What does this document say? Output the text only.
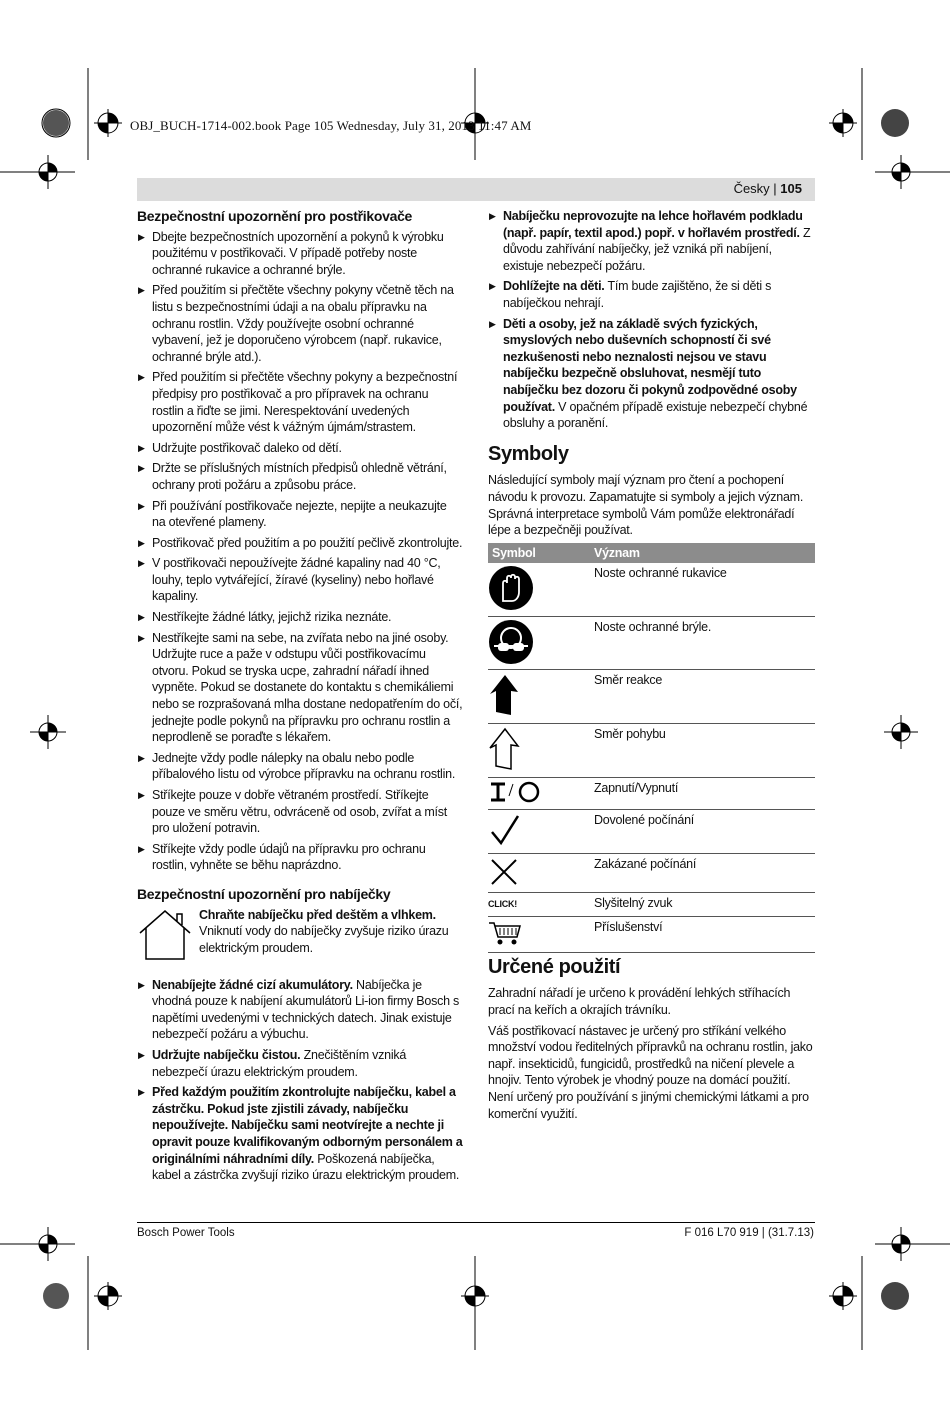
OBJ_BUCH-1714-002.book Page 105 Wednesday, July 31, 2013 11:47 AM
Česky | 105
Bezpečnostní upozornění pro postřikovače
▶ Dbejte bezpečnostních upozornění a pokynů k výrobku použitému v postřikovači. V případě potřeby noste ochranné rukavice a ochranné brýle.
▶ Před použitím si přečtěte všechny pokyny včetně těch na listu s bezpečnostními údaji a na obalu přípravku na ochranu rostlin. Vždy používejte osobní ochranné vybavení, jež je doporučeno výrobcem (např. rukavice, ochranné brýle atd.).
▶ Před použitím si přečtěte všechny pokyny a bezpečnostní předpisy pro postřikovač a pro přípravek na ochranu rostlin a řiďte se jimi. Nerespektování uvedených upozornění může vést k vážným újmám/strastem.
▶ Udržujte postřikovač daleko od dětí.
▶ Držte se příslušných místních předpisů ohledně větrání, ochrany proti požáru a způsobu práce.
▶ Při používání postřikovače nejezte, nepijte a neukazujte na otevřené plameny.
▶ Postřikovač před použitím a po použití pečlivě zkontrolujte.
▶ V postřikovači nepoužívejte žádné kapaliny nad 40 °C, louhy, teplo vytvářející, žíravé (kyseliny) nebo hořlavé kapaliny.
▶ Nestříkejte žádné látky, jejichž rizika neznáte.
▶ Nestříkejte sami na sebe, na zvířata nebo na jiné osoby. Udržujte ruce a paže v odstupu vůči postřikovacímu otvoru. Pokud se tryska ucpe, zahradní nářadí ihned vypněte. Pokud se dostanete do kontaktu s chemikáliemi nebo se rozprašovaná mlha dostane nedopatřením do očí, jednejte podle pokynů na přípravku pro ochranu rostlin a neprodleně se poraďte s lékařem.
▶ Jednejte vždy podle nálepky na obalu nebo podle příbalového listu od výrobce přípravku na ochranu rostlin.
▶ Stříkejte pouze v dobře větraném prostředí. Stříkejte pouze ve směru větru, odvráceně od osob, zvířat a míst pro uložení potravin.
▶ Stříkejte vždy podle údajů na přípravku pro ochranu rostlin, vyhněte se běhu naprázdno.
Bezpečnostní upozornění pro nabíječky
Chraňte nabíječku před deštěm a vlhkem. Vniknutí vody do nabíječky zvyšuje riziko úrazu elektrickým proudem.
▶ Nenabíjejte žádné cizí akumulátory. Nabíječka je vhodná pouze k nabíjení akumulátorů Li-ion firmy Bosch s napětími uvedenými v technických datech. Jinak existuje nebezpečí požáru a výbuchu.
▶ Udržujte nabíječku čistou. Znečištěním vzniká nebezpečí úrazu elektrickým proudem.
▶ Před každým použitím zkontrolujte nabíječku, kabel a zástrčku. Pokud jste zjistili závady, nabíječku nepoužívejte. Nabíječku sami neotvírejte a nechte ji opravit pouze kvalifikovaným odborným personálem a originálními náhradními díly. Poškozená nabíječka, kabel a zástrčka zvyšují riziko úrazu elektrickým proudem.
▶ Nabíječku neprovozujte na lehce hořlavém podkladu (např. papír, textil apod.) popř. v hořlavém prostředí. Z důvodu zahřívání nabíječky, jež vzniká při nabíjení, existuje nebezpečí požáru.
▶ Dohlížejte na děti. Tím bude zajištěno, že si děti s nabíječkou nehrají.
▶ Děti a osoby, jež na základě svých fyzických, smyslových nebo duševních schopností či své nezkušenosti nebo neznalosti nejsou ve stavu nabíječku bezpečně obsluhovat, nesmějí tuto nabíječku bez dozoru či pokynů zodpovědné osoby používat. V opačném případě existuje nebezpečí chybné obsluhy a poranění.
Symboly

Následující symboly mají význam pro čtení a pochopení návodu k provozu. Zapamatujte si symboly a jejich význam. Správná interpretace symbolů Vám pomůže elektronářadí lépe a bezpečněji používat.

Symbol	Význam
	Noste ochranné rukavice
	Noste ochranné brýle.
	Směr reakce
	Směr pohybu
	Zapnutí/Vypnutí
	Dovolené počínání
	Zakázané počínání
CLICK!	Slyšitelný zvuk
	Příslušenství
Určené použití

Zahradní nářadí je určeno k provádění lehkých stříhacích prací na keřích a okrajích trávníku.

Váš postřikovací nástavec je určený pro stříkání velkého množství vodou ředitelných přípravků na ochranu rostlin, jako např. insekticidů, fungicidů, prostředků na ničení plevele a hnojiv. Tento výrobek je vhodný pouze na domácí použití. Není určený pro používání s jinými chemickými látkami a pro komerční využití.

Bosch Power Tools	F 016 L70 919 | (31.7.13)
